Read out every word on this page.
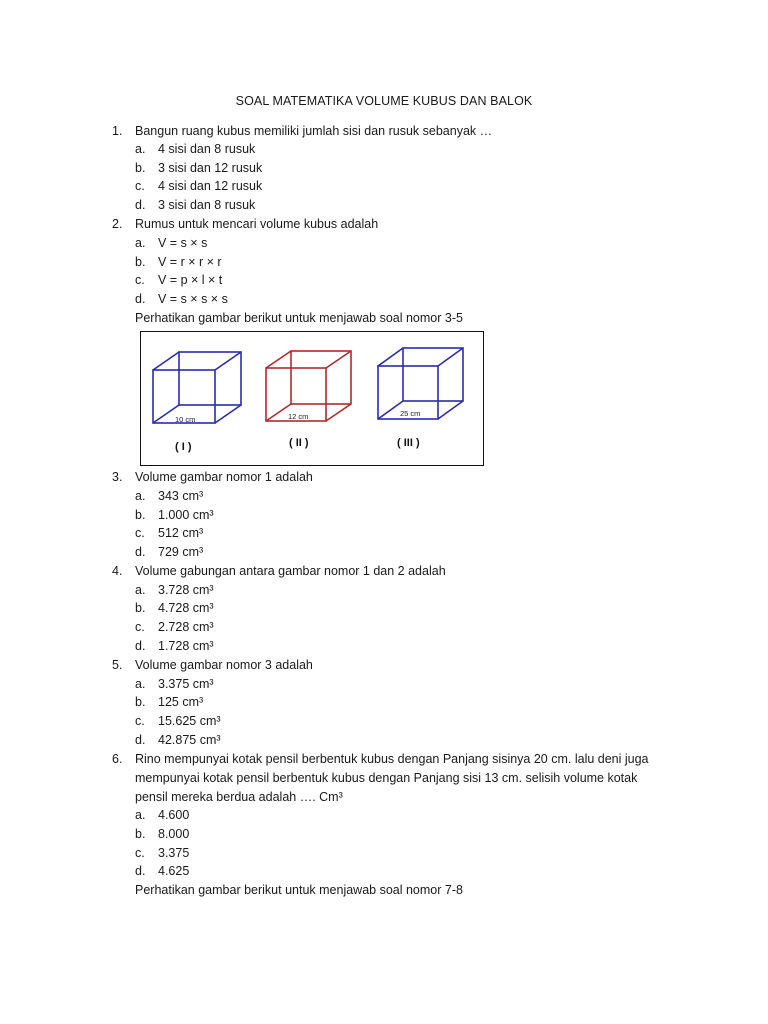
SOAL MATEMATIKA VOLUME KUBUS DAN BALOK
1. Bangun ruang kubus memiliki jumlah sisi dan rusuk sebanyak …
a. 4 sisi dan 8 rusuk
b. 3 sisi dan 12 rusuk
c. 4 sisi dan 12 rusuk
d. 3 sisi dan 8 rusuk
2. Rumus untuk mencari volume kubus adalah
a. V = s × s
b. V = r × r × r
c. V = p × l × t
d. V = s × s × s
Perhatikan gambar berikut untuk menjawab soal nomor 3-5
10 cm
( I )
12 cm
( II )
25 cm
( III )
3. Volume gambar nomor 1 adalah
a. 343 cm³
b. 1.000 cm³
c. 512 cm³
d. 729 cm³
4. Volume gabungan antara gambar nomor 1 dan 2 adalah
a. 3.728 cm³
b. 4.728 cm³
c. 2.728 cm³
d. 1.728 cm³
5. Volume gambar nomor 3 adalah
a. 3.375 cm³
b. 125 cm³
c. 15.625 cm³
d. 42.875 cm³
6.	Rino mempunyai kotak pensil berbentuk kubus dengan Panjang sisinya 20 cm. lalu deni juga mempunyai kotak pensil berbentuk kubus dengan Panjang sisi 13 cm. selisih volume kotak pensil mereka berdua adalah …. Cm³
a. 4.600
b. 8.000
c. 3.375
d. 4.625
Perhatikan gambar berikut untuk menjawab soal nomor 7-8
